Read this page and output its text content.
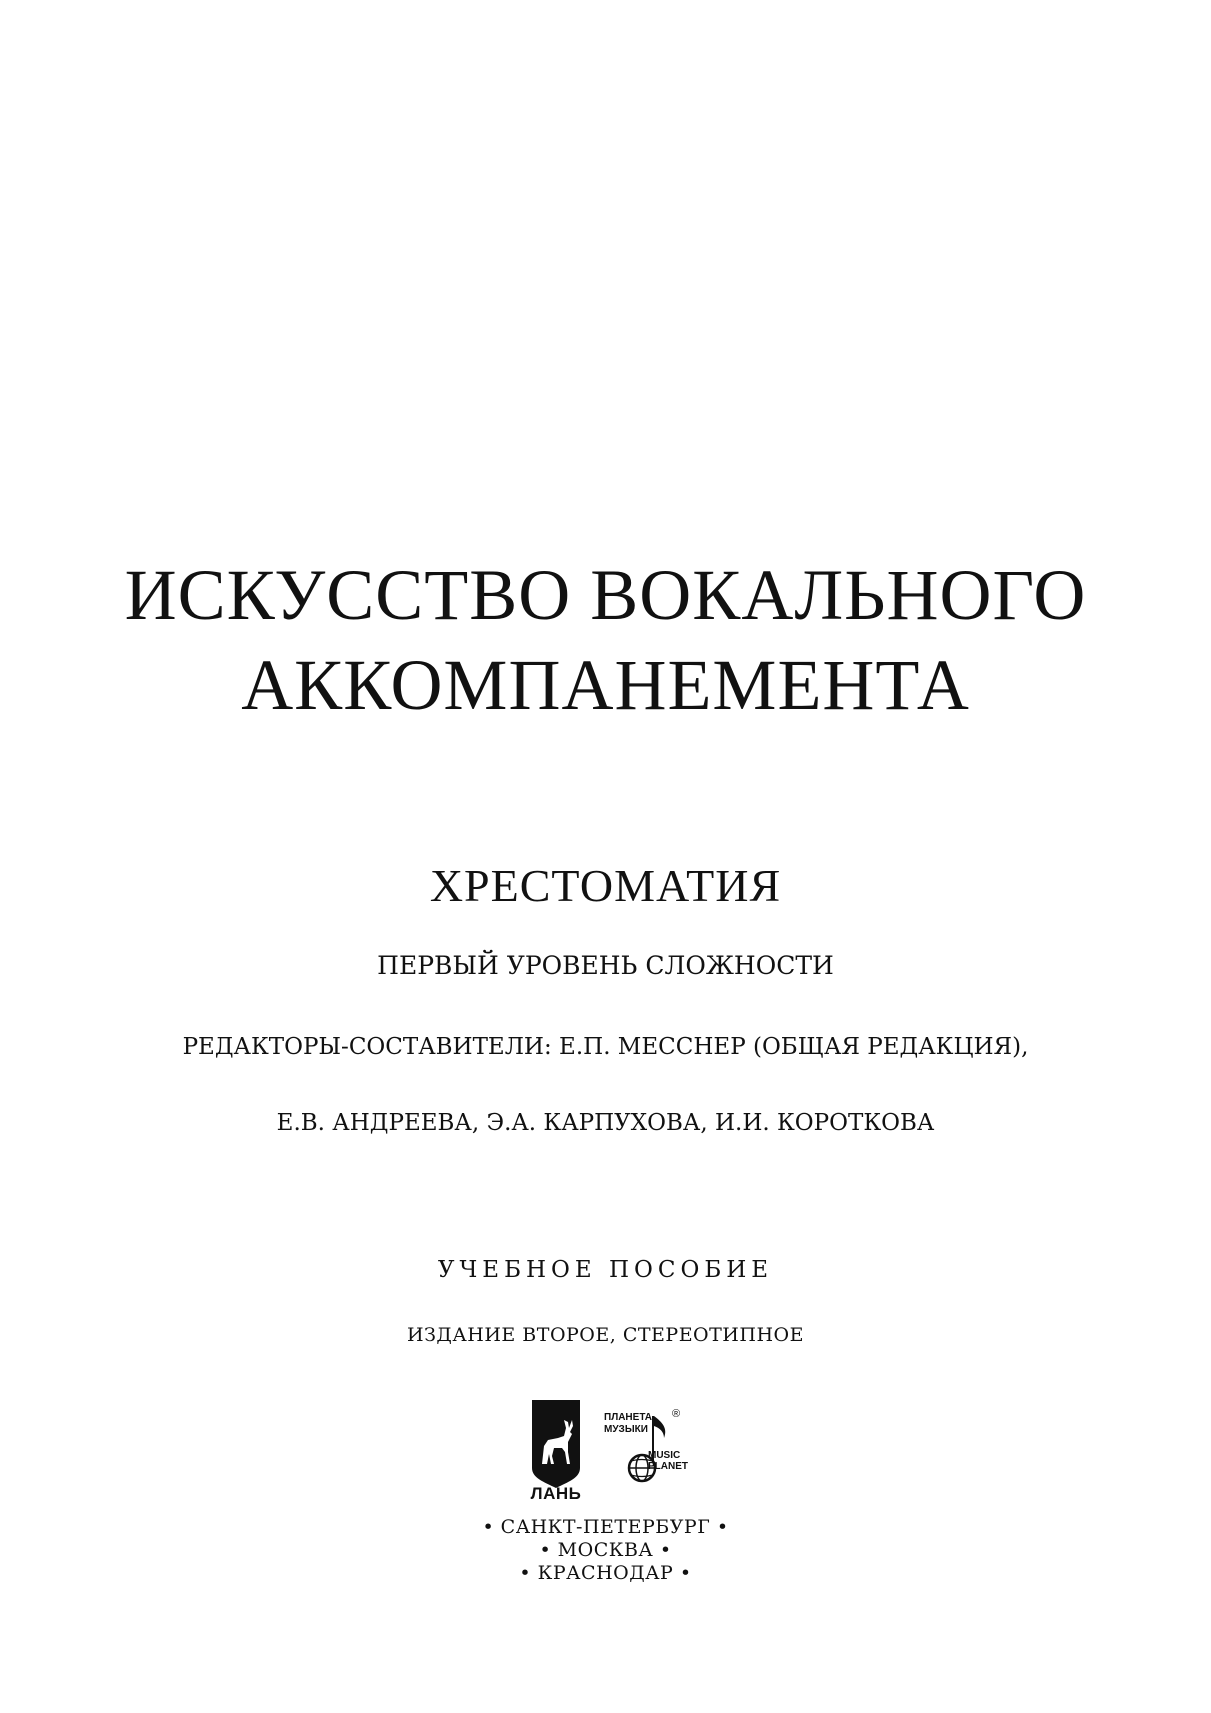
ИСКУССТВО ВОКАЛЬНОГО
АККОМПАНЕМЕНТА
ХРЕСТОМАТИЯ
ПЕРВЫЙ УРОВЕНЬ СЛОЖНОСТИ
РЕДАКТОРЫ-СОСТАВИТЕЛИ: Е.П. МЕССНЕР (ОБЩАЯ РЕДАКЦИЯ),
Е.В. АНДРЕЕВА, Э.А. КАРПУХОВА, И.И. КОРОТКОВА
УЧЕБНОЕ ПОСОБИЕ
ИЗДАНИЕ ВТОРОЕ, СТЕРЕОТИПНОЕ
ЛАНЬ
ПЛАНЕТА
МУЗЫКИ
®
MUSIC
PLANET
• САНКТ-ПЕТЕРБУРГ •
• МОСКВА •
• КРАСНОДАР •
